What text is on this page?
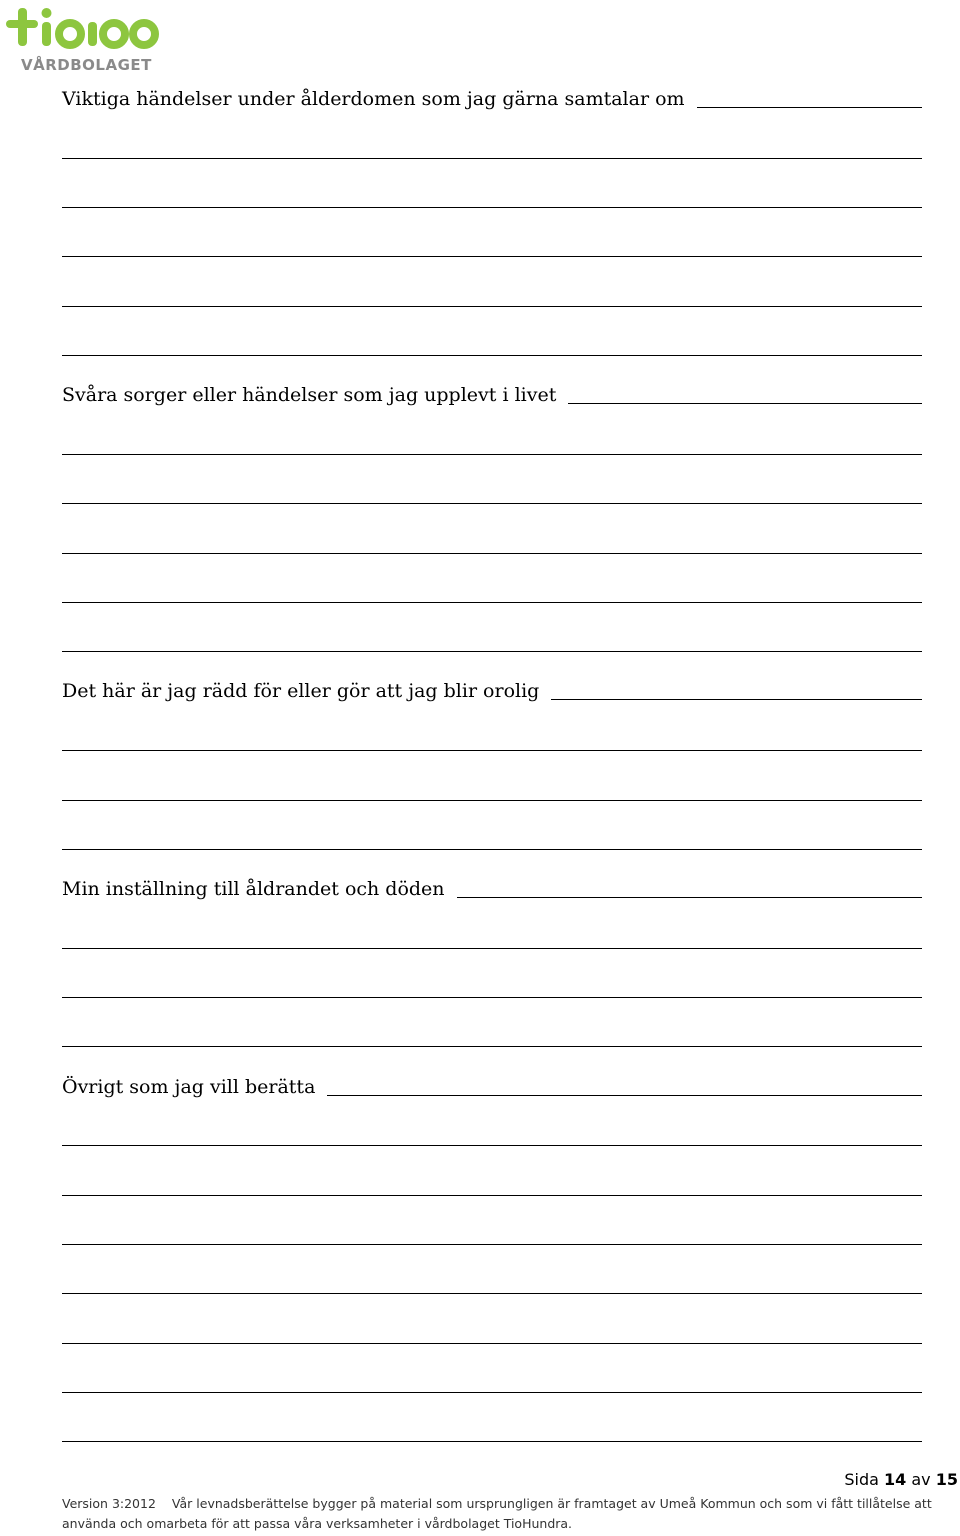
VÅRDBOLAGET
Viktiga händelser under ålderdomen som jag gärna samtalar om
Svåra sorger eller händelser som jag upplevt i livet
Det här är jag rädd för eller gör att jag blir orolig
Min inställning till åldrandet och döden
Övrigt som jag vill berätta
Sida 14 av 15
Version 3:2012 Vår levnadsberättelse bygger på material som ursprungligen är framtaget av Umeå Kommun och som vi fått tillåtelse att använda och omarbeta för att passa våra verksamheter i vårdbolaget TioHundra.
